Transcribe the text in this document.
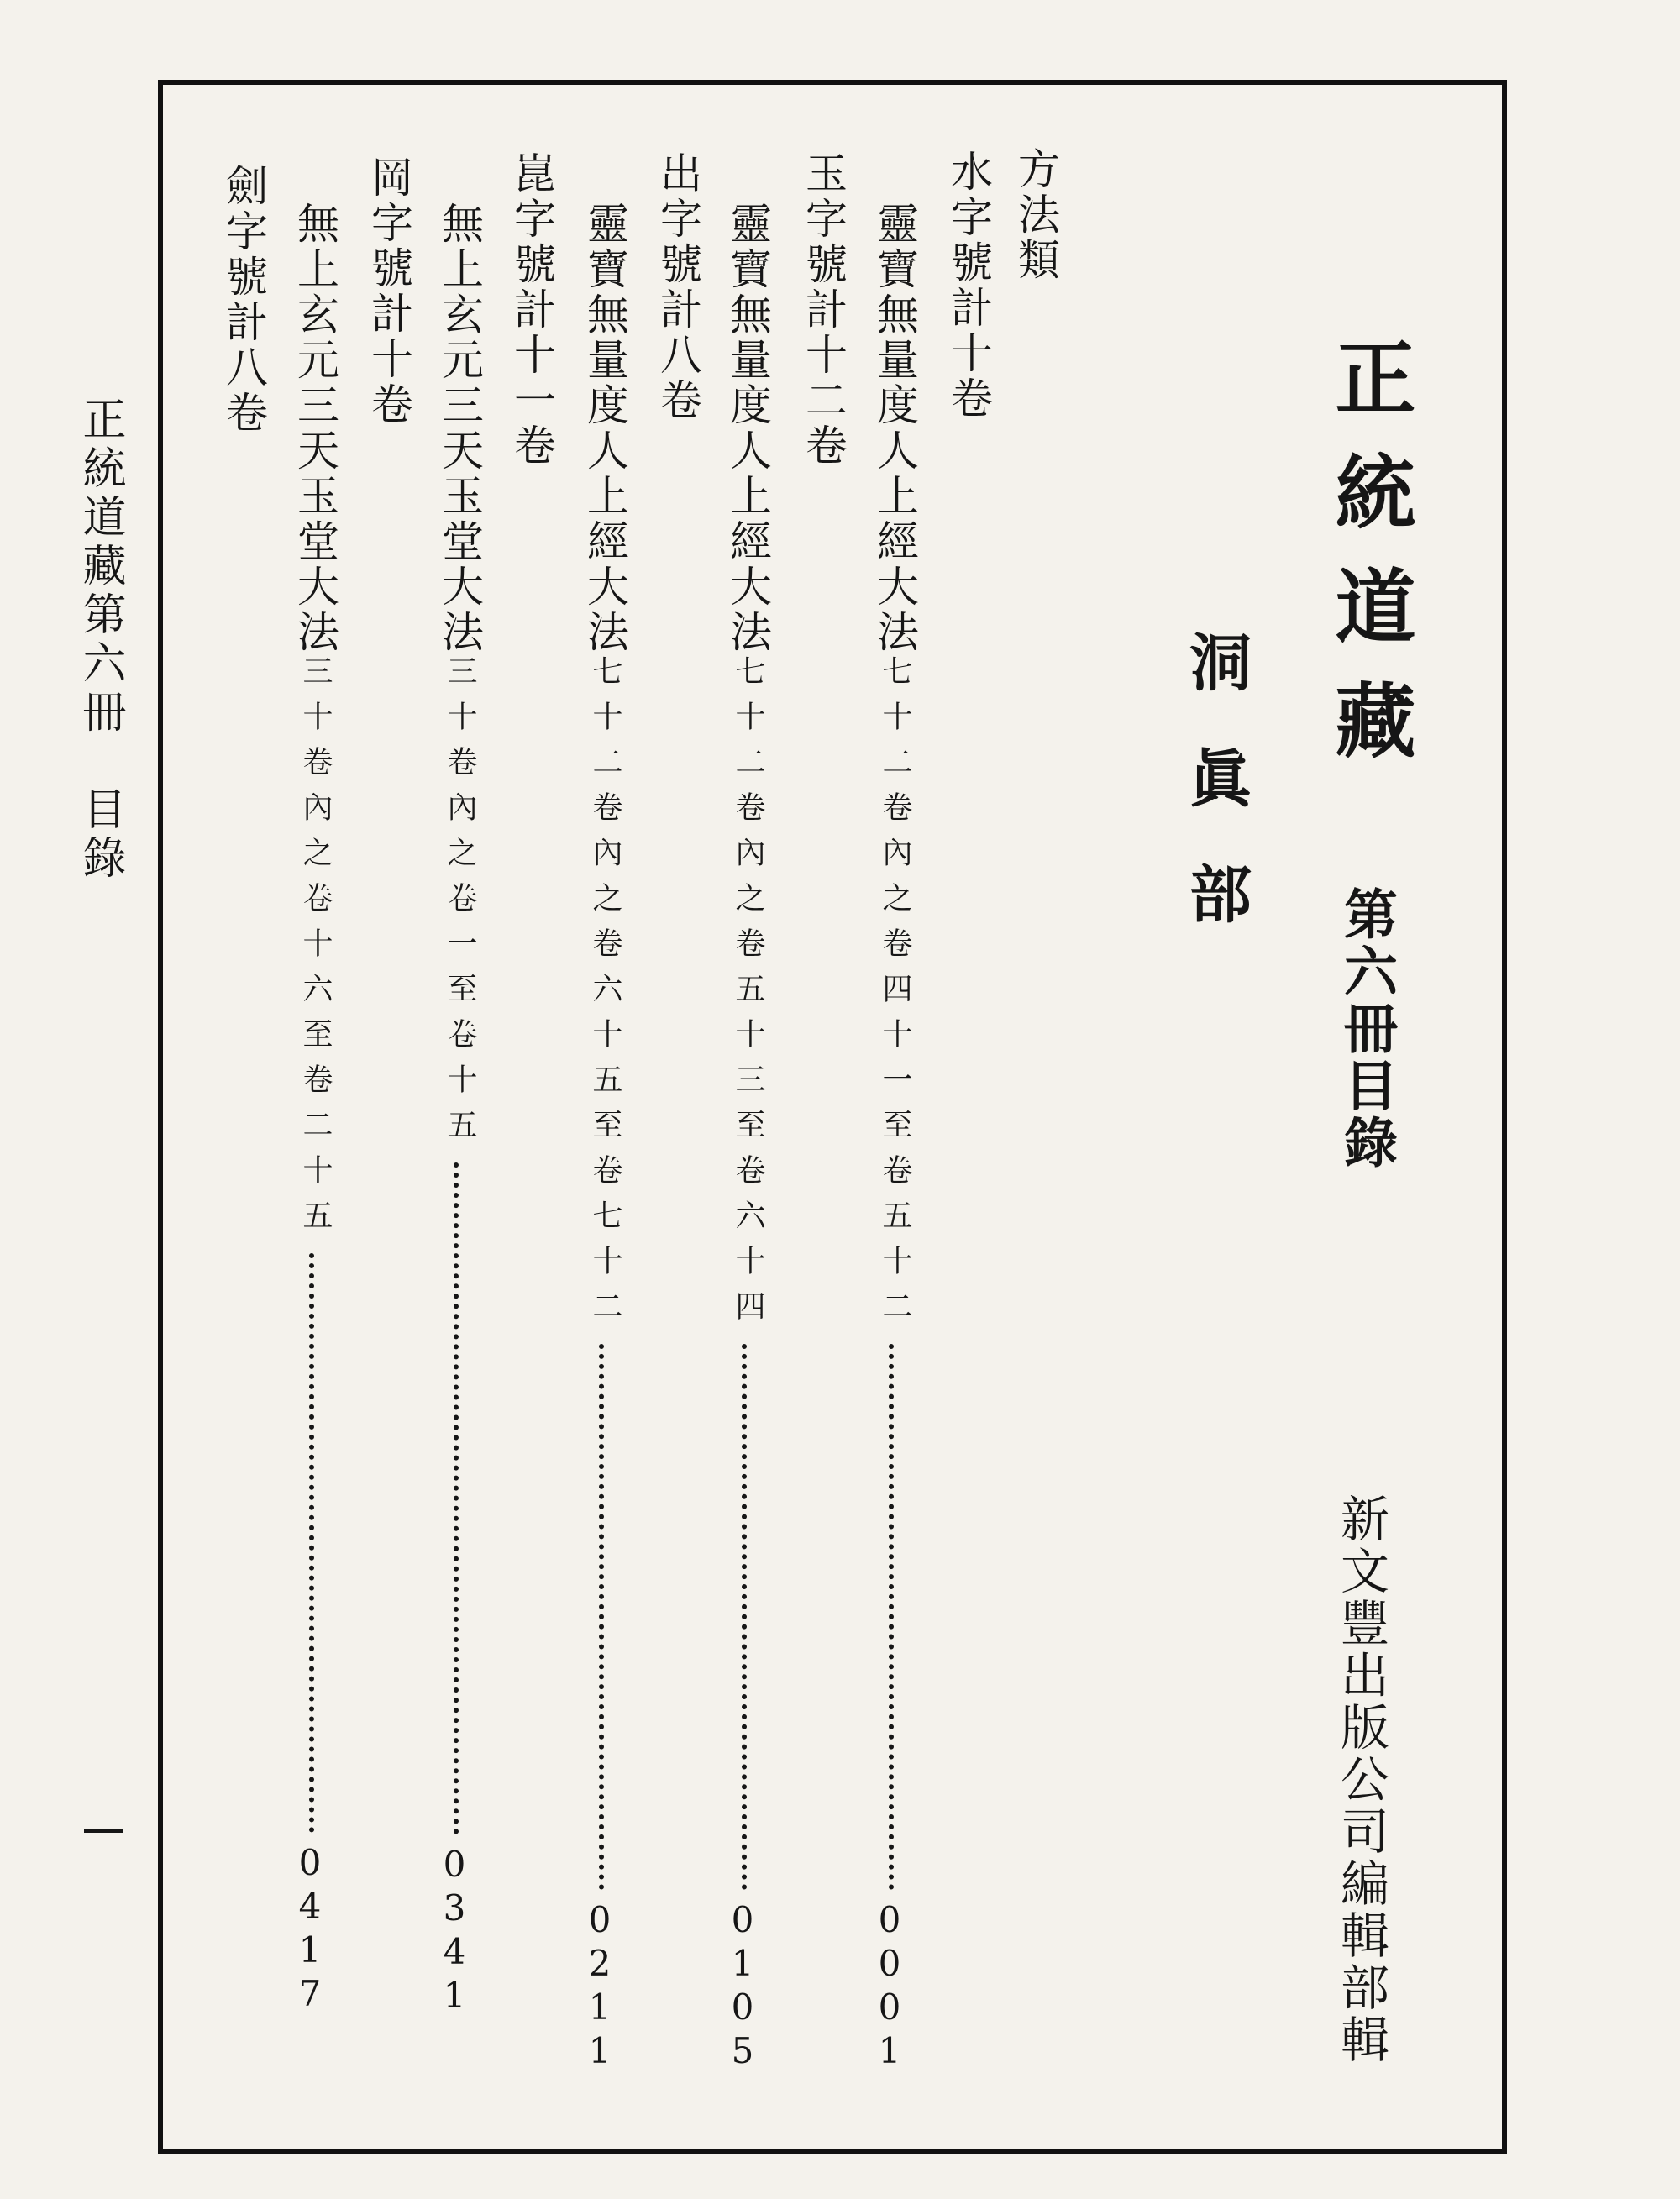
正統道藏
第六冊目錄
洞眞部
新文豐出版公司編輯部輯
方法類
水字號計十卷
靈寶無量度人上經大法七十二卷內之卷四十一至卷五十二
0
0
0
1
玉字號計十二卷
靈寶無量度人上經大法七十二卷內之卷五十三至卷六十四
0
1
0
5
出字號計八卷
靈寶無量度人上經大法七十二卷內之卷六十五至卷七十二
0
2
1
1
崑字號計十一卷
無上玄元三天玉堂大法三十卷內之卷一至卷十五
0
3
4
1
岡字號計十卷
無上玄元三天玉堂大法三十卷內之卷十六至卷二十五
0
4
1
7
劍字號計八卷
正統道藏第六冊　目錄
